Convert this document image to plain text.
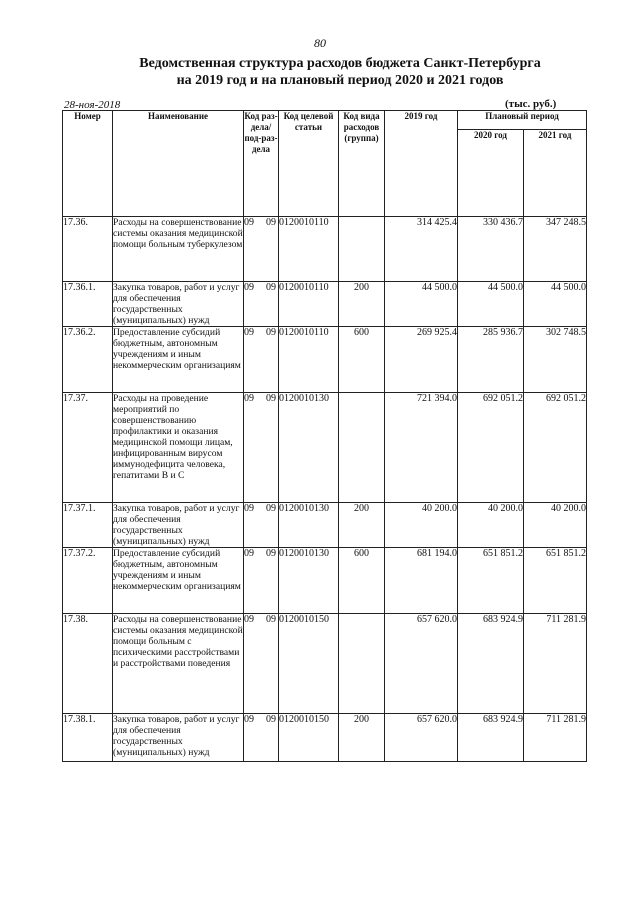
80
Ведомственная структура расходов бюджета Санкт-Петербурга
на 2019 год и на плановый период 2020 и 2021 годов
28-ноя-2018	(тыс. руб.)
Номер	Наименование	Код раз-дела/ под-раз-дела	Код целевой статьи	Код вида расходов (группа)	2019 год	Плановый период	
						2020 год	2021 год
17.36.	Расходы на совершенствование системы оказания медицинской помощи больным туберкулезом	09 09	0120010110		314 425.4	330 436.7	347 248.5
17.36.1.	Закупка товаров, работ и услуг для обеспечения государственных (муниципальных) нужд	09 09	0120010110	200	44 500.0	44 500.0	44 500.0
17.36.2.	Предоставление субсидий бюджетным, автономным учреждениям и иным некоммерческим организациям	09 09	0120010110	600	269 925.4	285 936.7	302 748.5
17.37.	Расходы на проведение мероприятий по совершенствованию профилактики и оказания медицинской помощи лицам, инфицированным вирусом иммунодефицита человека, гепатитами В и С	09 09	0120010130		721 394.0	692 051.2	692 051.2
17.37.1.	Закупка товаров, работ и услуг для обеспечения государственных (муниципальных) нужд	09 09	0120010130	200	40 200.0	40 200.0	40 200.0
17.37.2.	Предоставление субсидий бюджетным, автономным учреждениям и иным некоммерческим организациям	09 09	0120010130	600	681 194.0	651 851.2	651 851.2
17.38.	Расходы на совершенствование системы оказания медицинской помощи больным с психическими расстройствами и расстройствами поведения	09 09	0120010150		657 620.0	683 924.9	711 281.9
17.38.1.	Закупка товаров, работ и услуг для обеспечения государственных (муниципальных) нужд	09 09	0120010150	200	657 620.0	683 924.9	711 281.9
